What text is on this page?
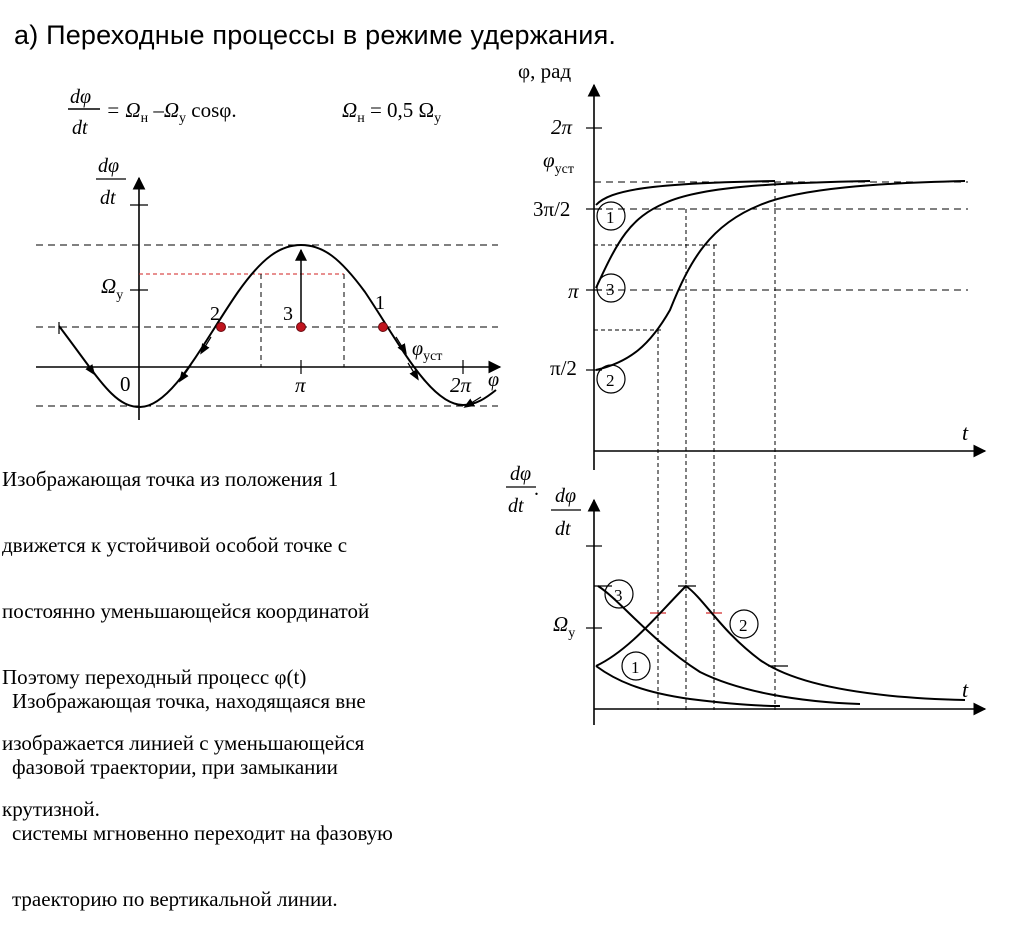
а) Переходные процессы в режиме удержания.
dφ
dt
= $\Omega_н$ $-\Omega_у$ cosφ.	$\Omega_н = 0,5$ $\Omega_у$
dφ
dt
$\Omega_у$
0	π	2π φ
$\varphi_{уст}$
2	3	1
φ, рад
2π
$\varphi_{уст}$
3π/2
π
π/2
t
1
3
2
dφ
dt
. dφ
dt
$\Omega_у$
t
3
2
1

Изображающая точка из положения 1

движется к устойчивой особой точке с

постоянно уменьшающейся координатой

Поэтому переходный процесс φ(t)

изображается линией с уменьшающейся

крутизной.

Изображающая точка, находящаяся вне

фазовой траектории, при замыкании

системы мгновенно переходит на фазовую

траекторию по вертикальной линии.
